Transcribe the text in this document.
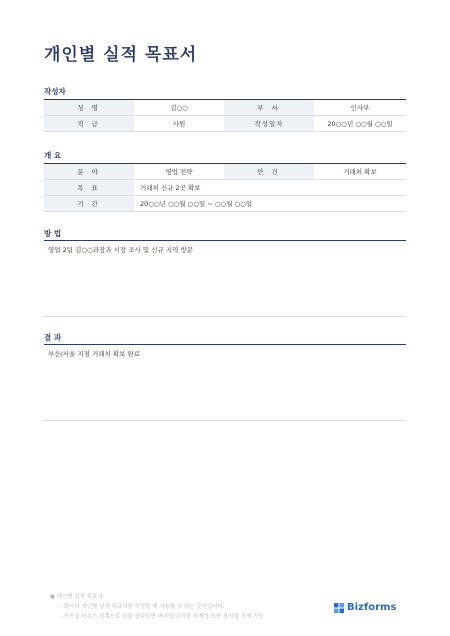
개인별 실적 목표서
작성자
성 명	김○○	부 서	인사부
직 급	사원	작성일자	20○○년 ○○월 ○○일
개 요
분 야	영업 전략	안 건	거래처 확보
목 표	거래처 신규 2곳 확보		
기 간	20○○년 ○○월 ○○일 ~ ○○월 ○○일		
방 법
영업 2팀 김○○과장과 시장 조사 및 신규 지역 방문
결 과
부산/서울 지점 거래처 확보 완료
● 개인별 실적 목표서
- 회사의 개인별 실적 목표서를 작성할 때 사용할 수 있는 문서입니다.
- 이곳을 마우스 왼쪽으로 더블 클릭하면 머리말/꼬리말 삭제가 또한 표지말 삭제 가능
Bizforms
